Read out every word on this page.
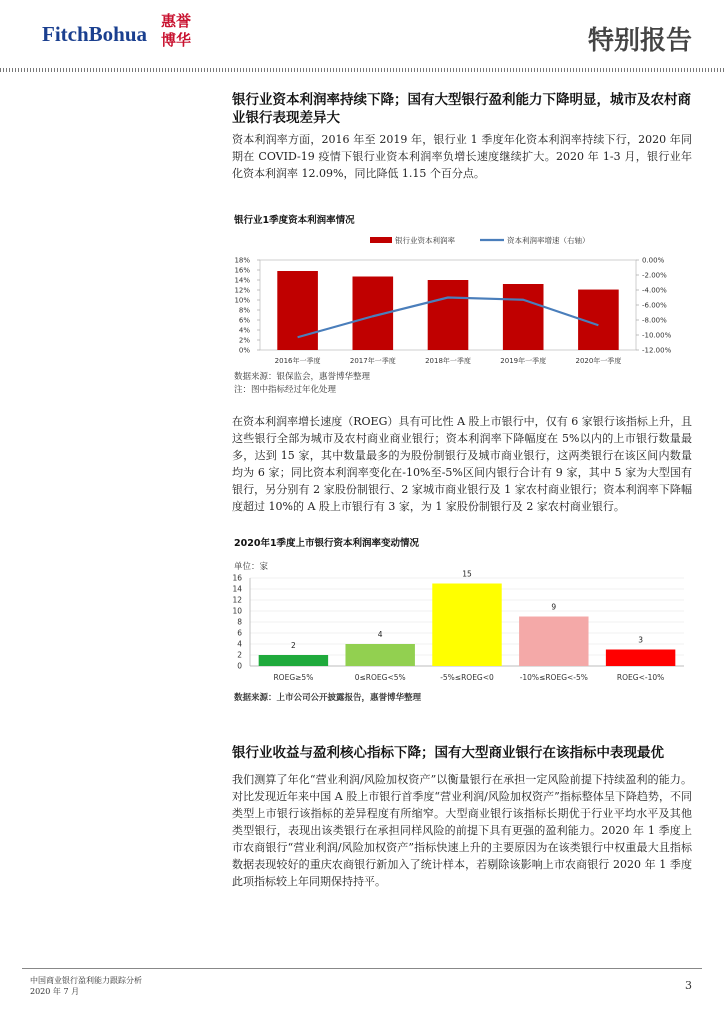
FitchBohua
惠誉博华	特别报告
银行业资本利润率持续下降；国有大型银行盈利能力下降明显，城市及农村商业银行表现差异大
资本利润率方面，2016 年至 2019 年，银行业 1 季度年化资本利润率持续下行，2020 年同期在 COVID-19 疫情下银行业资本利润率负增长速度继续扩大。2020 年 1-3 月，银行业年化资本利润率 12.09%，同比降低 1.15 个百分点。
银行业1季度资本利润率情况
银行业资本利润率	资本利润率增速（右轴）
0%
2%
4%
6%
8%
10%
12%
14%
16%
18%	0.00%
-2.00%
-4.00%
-6.00%
-8.00%
-10.00%
-12.00%
2016年一季度	2017年一季度	2018年一季度	2019年一季度	2020年一季度
数据来源：银保监会，惠誉博华整理
注：图中指标经过年化处理
在资本利润率增长速度（ROEG）具有可比性 A 股上市银行中，仅有 6 家银行该指标上升，且这些银行全部为城市及农村商业商业银行；资本利润率下降幅度在 5%以内的上市银行数量最多，达到 15 家，其中数量最多的为股份制银行及城市商业银行，这两类银行在该区间内数量均为 6 家；同比资本利润率变化在-10%至-5%区间内银行合计有 9 家，其中 5 家为大型国有银行，另分别有 2 家股份制银行、2 家城市商业银行及 1 家农村商业银行；资本利润率下降幅度超过 10%的 A 股上市银行有 3 家，为 1 家股份制银行及 2 家农村商业银行。
2020年1季度上市银行资本利润率变动情况
单位：家
0
2
4
6
8
10
12
14
16
2
ROEG≥5%
4
0≤ROEG<5%
15
-5%≤ROEG<0
9
-10%≤ROEG<-5%
3
ROEG<-10%
数据来源：上市公司公开披露报告，惠誉博华整理
银行业收益与盈利核心指标下降；国有大型商业银行在该指标中表现最优
我们测算了年化“营业利润/风险加权资产”以衡量银行在承担一定风险前提下持续盈利的能力。对比发现近年来中国 A 股上市银行首季度“营业利润/风险加权资产”指标整体呈下降趋势，不同类型上市银行该指标的差异程度有所缩窄。大型商业银行该指标长期优于行业平均水平及其他类型银行，表现出该类银行在承担同样风险的前提下具有更强的盈利能力。2020 年 1 季度上市农商银行“营业利润/风险加权资产”指标快速上升的主要原因为在该类银行中权重最大且指标数据表现较好的重庆农商银行新加入了统计样本，若剔除该影响上市农商银行 2020 年 1 季度此项指标较上年同期保持持平。
中国商业银行盈利能力跟踪分析
2020 年 7 月	3
